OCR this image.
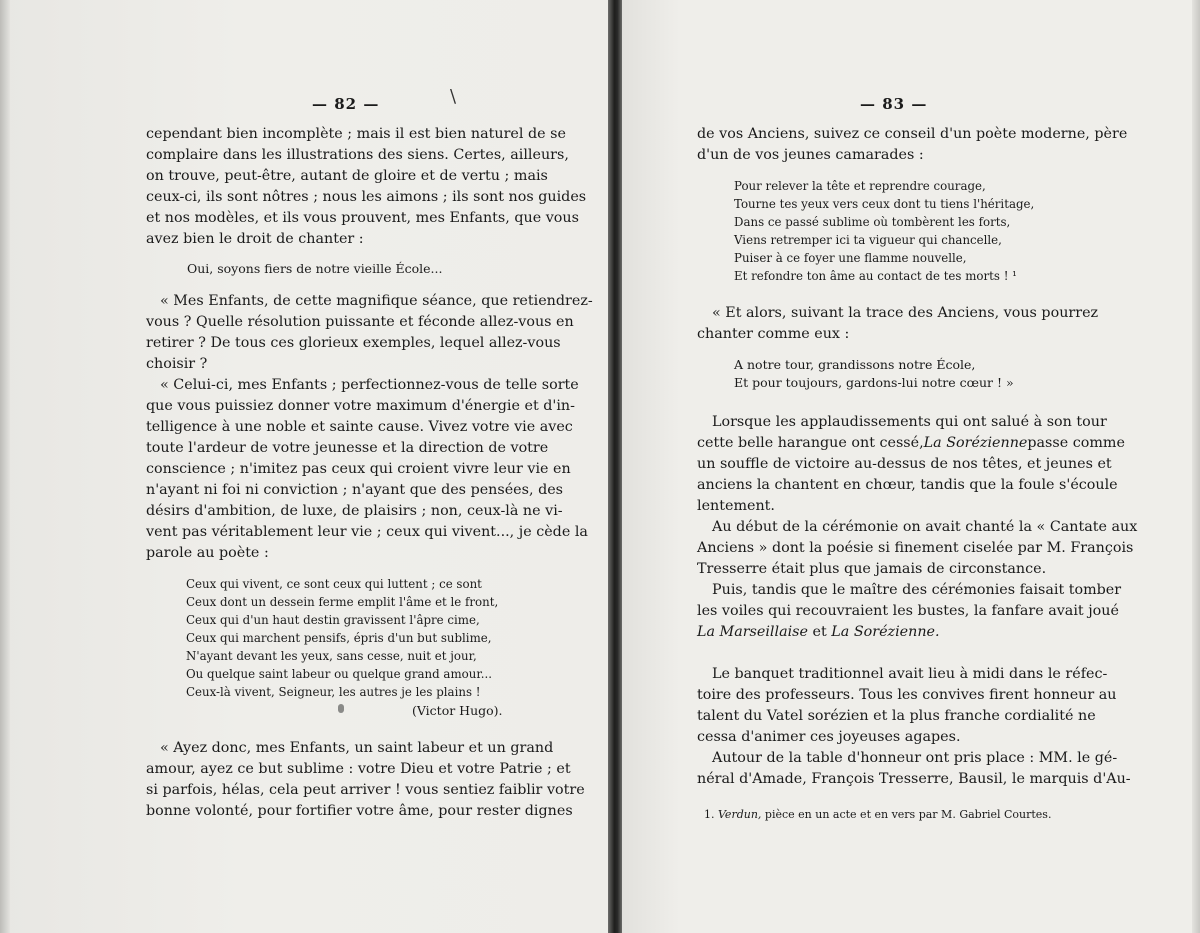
— 82 —	\

cependant bien incomplète ; mais il est bien naturel de se

complaire dans les illustrations des siens. Certes, ailleurs,

on trouve, peut-être, autant de gloire et de vertu ; mais

ceux-ci, ils sont nôtres ; nous les aimons ; ils sont nos guides

et nos modèles, et ils vous prouvent, mes Enfants, que vous

avez bien le droit de chanter :

Oui, soyons fiers de notre vieille École...

« Mes Enfants, de cette magnifique séance, que retiendrez-

vous ? Quelle résolution puissante et féconde allez-vous en

retirer ? De tous ces glorieux exemples, lequel allez-vous

choisir ?

« Celui-ci, mes Enfants ; perfectionnez-vous de telle sorte

que vous puissiez donner votre maximum d'énergie et d'in-

telligence à une noble et sainte cause. Vivez votre vie avec

toute l'ardeur de votre jeunesse et la direction de votre

conscience ; n'imitez pas ceux qui croient vivre leur vie en

n'ayant ni foi ni conviction ; n'ayant que des pensées, des

désirs d'ambition, de luxe, de plaisirs ; non, ceux-là ne vi-

vent pas véritablement leur vie ; ceux qui vivent..., je cède la

parole au poète :

Ceux qui vivent, ce sont ceux qui luttent ; ce sont

Ceux dont un dessein ferme emplit l'âme et le front,

Ceux qui d'un haut destin gravissent l'âpre cime,

Ceux qui marchent pensifs, épris d'un but sublime,

N'ayant devant les yeux, sans cesse, nuit et jour,

Ou quelque saint labeur ou quelque grand amour...

Ceux-là vivent, Seigneur, les autres je les plains !

(Victor Hugo).

« Ayez donc, mes Enfants, un saint labeur et un grand

amour, ayez ce but sublime : votre Dieu et votre Patrie ; et

si parfois, hélas, cela peut arriver ! vous sentiez faiblir votre

bonne volonté, pour fortifier votre âme, pour rester dignes

— 83 —

de vos Anciens, suivez ce conseil d'un poète moderne, père

d'un de vos jeunes camarades :

Pour relever la tête et reprendre courage,

Tourne tes yeux vers ceux dont tu tiens l'héritage,

Dans ce passé sublime où tombèrent les forts,

Viens retremper ici ta vigueur qui chancelle,

Puiser à ce foyer une flamme nouvelle,

Et refondre ton âme au contact de tes morts ! ¹

« Et alors, suivant la trace des Anciens, vous pourrez

chanter comme eux :

A notre tour, grandissons notre École,

Et pour toujours, gardons-lui notre cœur ! »

Lorsque les applaudissements qui ont salué à son tour

cette belle harangue ont cessé, La Sorézienne passe comme

un souffle de victoire au-dessus de nos têtes, et jeunes et

anciens la chantent en chœur, tandis que la foule s'écoule

lentement.

Au début de la cérémonie on avait chanté la « Cantate aux

Anciens » dont la poésie si finement ciselée par M. François

Tresserre était plus que jamais de circonstance.

Puis, tandis que le maître des cérémonies faisait tomber

les voiles qui recouvraient les bustes, la fanfare avait joué

La Marseillaise et La Sorézienne.

Le banquet traditionnel avait lieu à midi dans le réfec-

toire des professeurs. Tous les convives firent honneur au

talent du Vatel sorézien et la plus franche cordialité ne

cessa d'animer ces joyeuses agapes.

Autour de la table d'honneur ont pris place : MM. le gé-

néral d'Amade, François Tresserre, Bausil, le marquis d'Au-

1. Verdun, pièce en un acte et en vers par M. Gabriel Courtes.
